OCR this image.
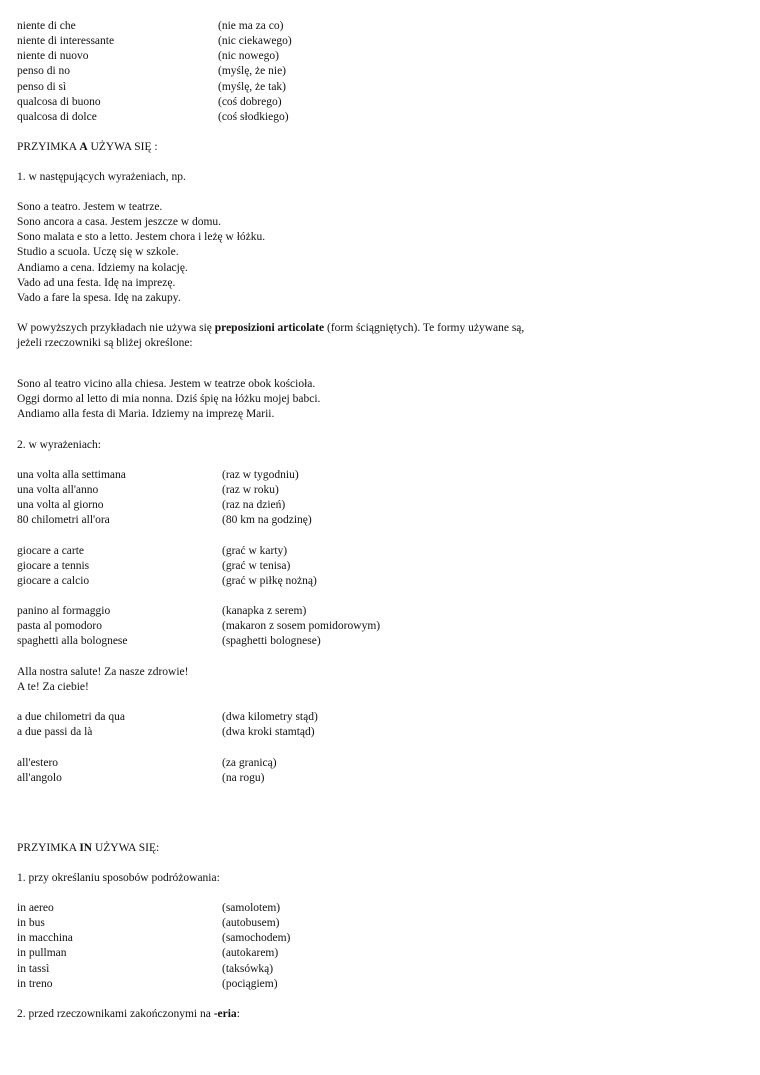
niente di che	(nie ma za co)
niente di interessante	(nic ciekawego)
niente di nuovo	(nic nowego)
penso di no	(myślę, że nie)
penso di sì	(myślę, że tak)
qualcosa di buono	(coś dobrego)
qualcosa di dolce	(coś słodkiego)
PRZYIMKA A UŻYWA SIĘ :
1. w następujących wyrażeniach, np.
Sono a teatro. Jestem w teatrze.
Sono ancora a casa. Jestem jeszcze w domu.
Sono malata e sto a letto. Jestem chora i leżę w łóżku.
Studio a scuola. Uczę się w szkole.
Andiamo a cena. Idziemy na kolację.
Vado ad una festa. Idę na imprezę.
Vado a fare la spesa. Idę na zakupy.
W powyższych przykładach nie używa się preposizioni articolate (form ściągniętych). Te formy używane są,
jeżeli rzeczowniki są bliżej określone:
Sono al teatro vicino alla chiesa. Jestem w teatrze obok kościoła.
Oggi dormo al letto di mia nonna. Dziś śpię na łóżku mojej babci.
Andiamo alla festa di Maria. Idziemy na imprezę Marii.
2. w wyrażeniach:
una volta alla settimana	(raz w tygodniu)
una volta all'anno	(raz w roku)
una volta al giorno	(raz na dzień)
80 chilometri all'ora	(80 km na godzinę)
giocare a carte	(grać w karty)
giocare a tennis	(grać w tenisa)
giocare a calcio	(grać w piłkę nożną)
panino al formaggio	(kanapka z serem)
pasta al pomodoro	(makaron z sosem pomidorowym)
spaghetti alla bolognese	(spaghetti bolognese)
Alla nostra salute! Za nasze zdrowie!
A te! Za ciebie!
a due chilometri da qua	(dwa kilometry stąd)
a due passi da là	(dwa kroki stamtąd)
all'estero	(za granicą)
all'angolo	(na rogu)
PRZYIMKA IN UŻYWA SIĘ:
1. przy określaniu sposobów podróżowania:
in aereo	(samolotem)
in bus	(autobusem)
in macchina	(samochodem)
in pullman	(autokarem)
in tassì	(taksówką)
in treno	(pociągiem)
2. przed rzeczownikami zakończonymi na -eria:
